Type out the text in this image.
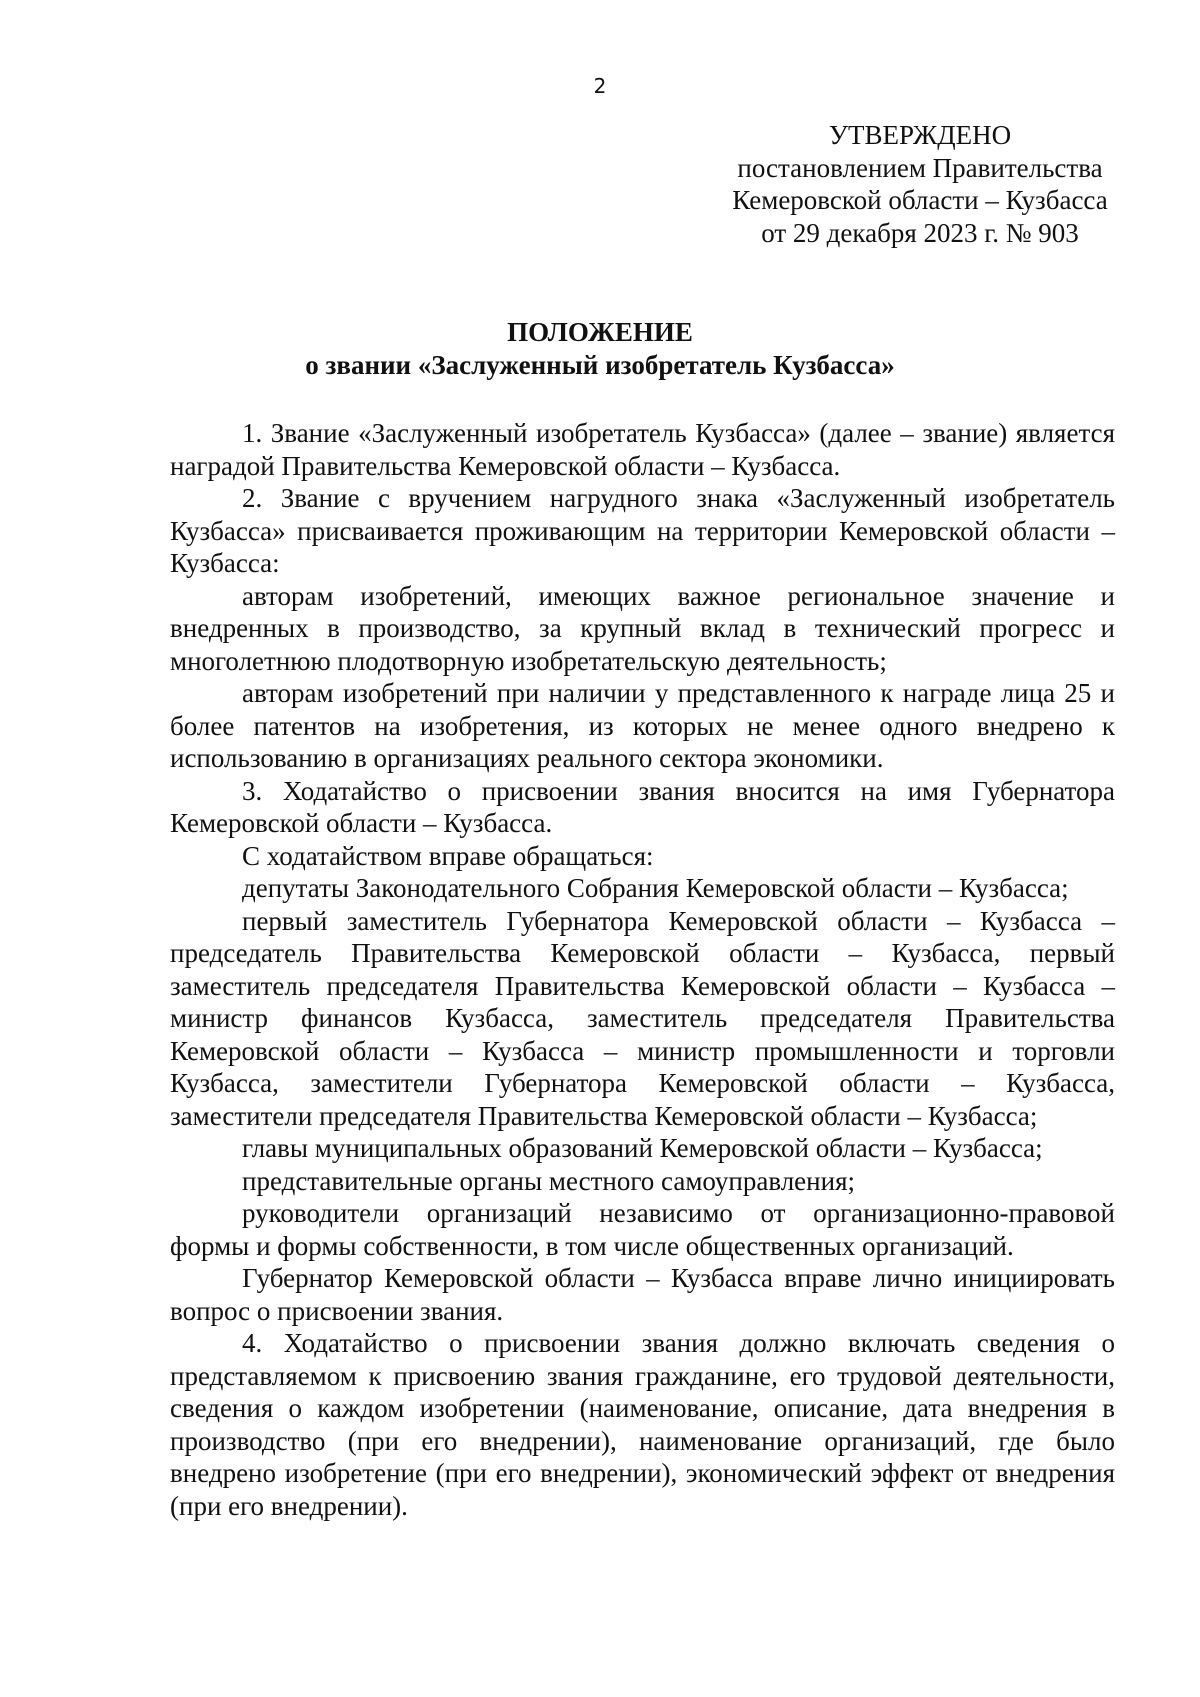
2
УТВЕРЖДЕНО
постановлением Правительства
Кемеровской области – Кузбасса
от 29 декабря 2023 г. № 903
ПОЛОЖЕНИЕ
о звании «Заслуженный изобретатель Кузбасса»

1. Звание «Заслуженный изобретатель Кузбасса» (далее – звание) является наградой Правительства Кемеровской области – Кузбасса.

2. Звание с вручением нагрудного знака «Заслуженный изобретатель Кузбасса» присваивается проживающим на территории Кемеровской области – Кузбасса:

авторам изобретений, имеющих важное региональное значение и внедренных в производство, за крупный вклад в технический прогресс и многолетнюю плодотворную изобретательскую деятельность;

авторам изобретений при наличии у представленного к награде лица 25 и более патентов на изобретения, из которых не менее одного внедрено к использованию в организациях реального сектора экономики.

3. Ходатайство о присвоении звания вносится на имя Губернатора Кемеровской области – Кузбасса.

С ходатайством вправе обращаться:

депутаты Законодательного Собрания Кемеровской области – Кузбасса;

первый заместитель Губернатора Кемеровской области – Кузбасса – председатель Правительства Кемеровской области – Кузбасса, первый заместитель председателя Правительства Кемеровской области – Кузбасса – министр финансов Кузбасса, заместитель председателя Правительства Кемеровской области – Кузбасса – министр промышленности и торговли Кузбасса, заместители Губернатора Кемеровской области – Кузбасса, заместители председателя Правительства Кемеровской области – Кузбасса;

главы муниципальных образований Кемеровской области – Кузбасса;

представительные органы местного самоуправления;

руководители организаций независимо от организационно-правовой формы и формы собственности, в том числе общественных организаций.

Губернатор Кемеровской области – Кузбасса вправе лично инициировать вопрос о присвоении звания.

4. Ходатайство о присвоении звания должно включать сведения о представляемом к присвоению звания гражданине, его трудовой деятельности, сведения о каждом изобретении (наименование, описание, дата внедрения в производство (при его внедрении), наименование организаций, где было внедрено изобретение (при его внедрении), экономический эффект от внедрения (при его внедрении).
